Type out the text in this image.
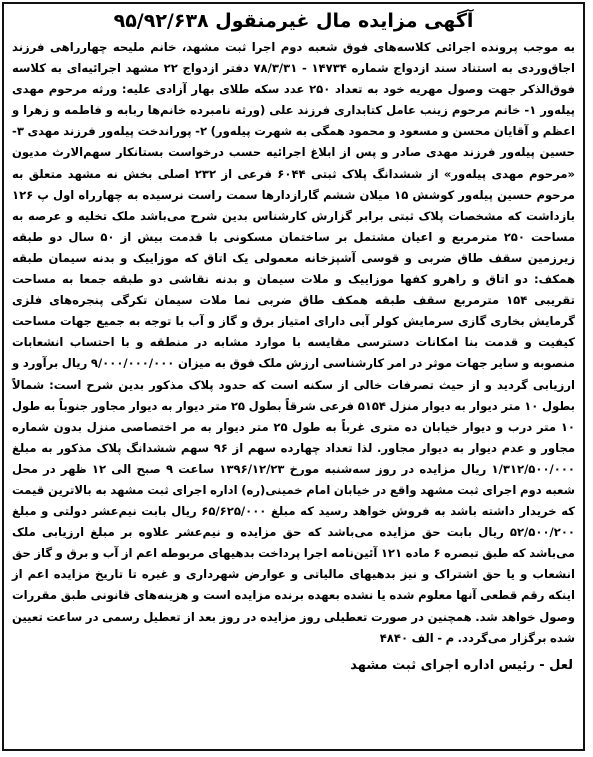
آگهی مزایده مال غیرمنقول ۹۵/۹۲/۶۳۸
به موجب پرونده اجرائی کلاسه‌های فوق شعبه دوم اجرا ثبت مشهد، خانم ملیحه چهارراهی فرزند اجاق‌وردی به استناد سند ازدواج شماره ۱۴۷۳۴ - ۷۸/۳/۳۱ دفتر ازدواج ۲۲ مشهد اجرائیه‌ای به کلاسه فوق‌الذکر جهت وصول مهریه خود به تعداد ۲۵۰ عدد سکه طلای بهار آزادی علیه: ورثه مرحوم مهدی پیله‌ور ۱- خانم مرحوم زینب عامل کتابداری فرزند علی (ورثه نامبرده خانم‌ها ربابه و فاطمه و زهرا و اعظم و آقایان محسن و مسعود و محمود همگی به شهرت پیله‌ور) ۲- پوراندخت پیله‌ور فرزند مهدی ۳- حسین پیله‌ور فرزند مهدی صادر و پس از ابلاغ اجرائیه حسب درخواست بستانکار سهم‌الارث مدیون «مرحوم مهدی پیله‌ور» از ششدانگ پلاک ثبتی ۶۰۴۴ فرعی از ۲۳۲ اصلی بخش نه مشهد متعلق به مرحوم حسین پیله‌ور کوشش ۱۵ میلان ششم گارازدارها سمت راست نرسیده به چهارراه اول پ ۱۲۶ بازداشت که مشخصات پلاک ثبتی برابر گزارش کارشناس بدین شرح می‌باشد ملک تخلیه و عرصه به مساحت ۲۵۰ مترمربع و اعیان مشتمل بر ساختمان مسکونی با قدمت بیش از ۵۰ سال دو طبقه زیرزمین سقف طاق ضربی و قوسی آشپزخانه معمولی یک اتاق که موزاییک و بدنه سیمان طبقه همکف: دو اتاق و راهرو کفها موزاییک و ملات سیمان و بدنه نقاشی دو طبقه جمعا به مساحت تقریبی ۱۵۴ مترمربع سقف طبقه همکف طاق ضربی نما ملات سیمان تکرگی پنجره‌های فلزی گرمایش بخاری گازی سرمایش کولر آبی دارای امتیاز برق و گاز و آب با توجه به جمیع جهات مساحت کیفیت و قدمت بنا امکانات دسترسی مقایسه با موارد مشابه در منطقه و با احتساب انشعابات منصوبه و سایر جهات موثر در امر کارشناسی ارزش ملک فوق به میزان ۹/۰۰۰/۰۰۰/۰۰۰ ریال برآورد و ارزیابی گردید و از حیث تصرفات خالی از سکنه است که حدود پلاک مذکور بدین شرح است: شمالاً بطول ۱۰ متر دیوار به دیوار منزل ۵۱۵۴ فرعی شرقاً بطول ۲۵ متر دیوار به دیوار مجاور جنوباً به طول ۱۰ متر درب و دیوار خیابان ده متری غرباً به طول ۲۵ متر دیوار به مر اختصاصی منزل بدون شماره مجاور و عدم دیوار به دیوار مجاور. لذا تعداد چهارده سهم از ۹۶ سهم ششدانگ پلاک مذکور به مبلغ ۱/۳۱۲/۵۰۰/۰۰۰ ریال مزایده در روز سه‌شنبه مورخ ۱۳۹۶/۱۲/۲۳ ساعت ۹ صبح الی ۱۲ ظهر در محل شعبه دوم اجرای ثبت مشهد واقع در خیابان امام خمینی(ره) اداره اجرای ثبت مشهد به بالاترین قیمت که خریدار داشته باشد به فروش خواهد رسید که مبلغ ۶۵/۶۲۵/۰۰۰ ریال بابت نیم‌عشر دولتی و مبلغ ۵۲/۵۰۰/۲۰۰ ریال بابت حق مزایده می‌باشد که حق مزایده و نیم‌عشر علاوه بر مبلغ ارزیابی ملک می‌باشد که طبق تبصره ۶ ماده ۱۲۱ آئین‌نامه اجرا پرداخت بدهیهای مربوطه اعم از آب و برق و گاز حق انشعاب و یا حق اشتراک و نیز بدهیهای مالیاتی و عوارض شهرداری و غیره تا تاریخ مزایده اعم از اینکه رقم قطعی آنها معلوم شده یا نشده بعهده برنده مزایده است و هزینه‌های قانونی طبق مقررات وصول خواهد شد. همچنین در صورت تعطیلی روز مزایده در روز بعد از تعطیل رسمی در ساعت تعیین شده برگزار می‌گردد. م - الف ۴۸۴۰
لعل - رئیس اداره اجرای ثبت مشهد
